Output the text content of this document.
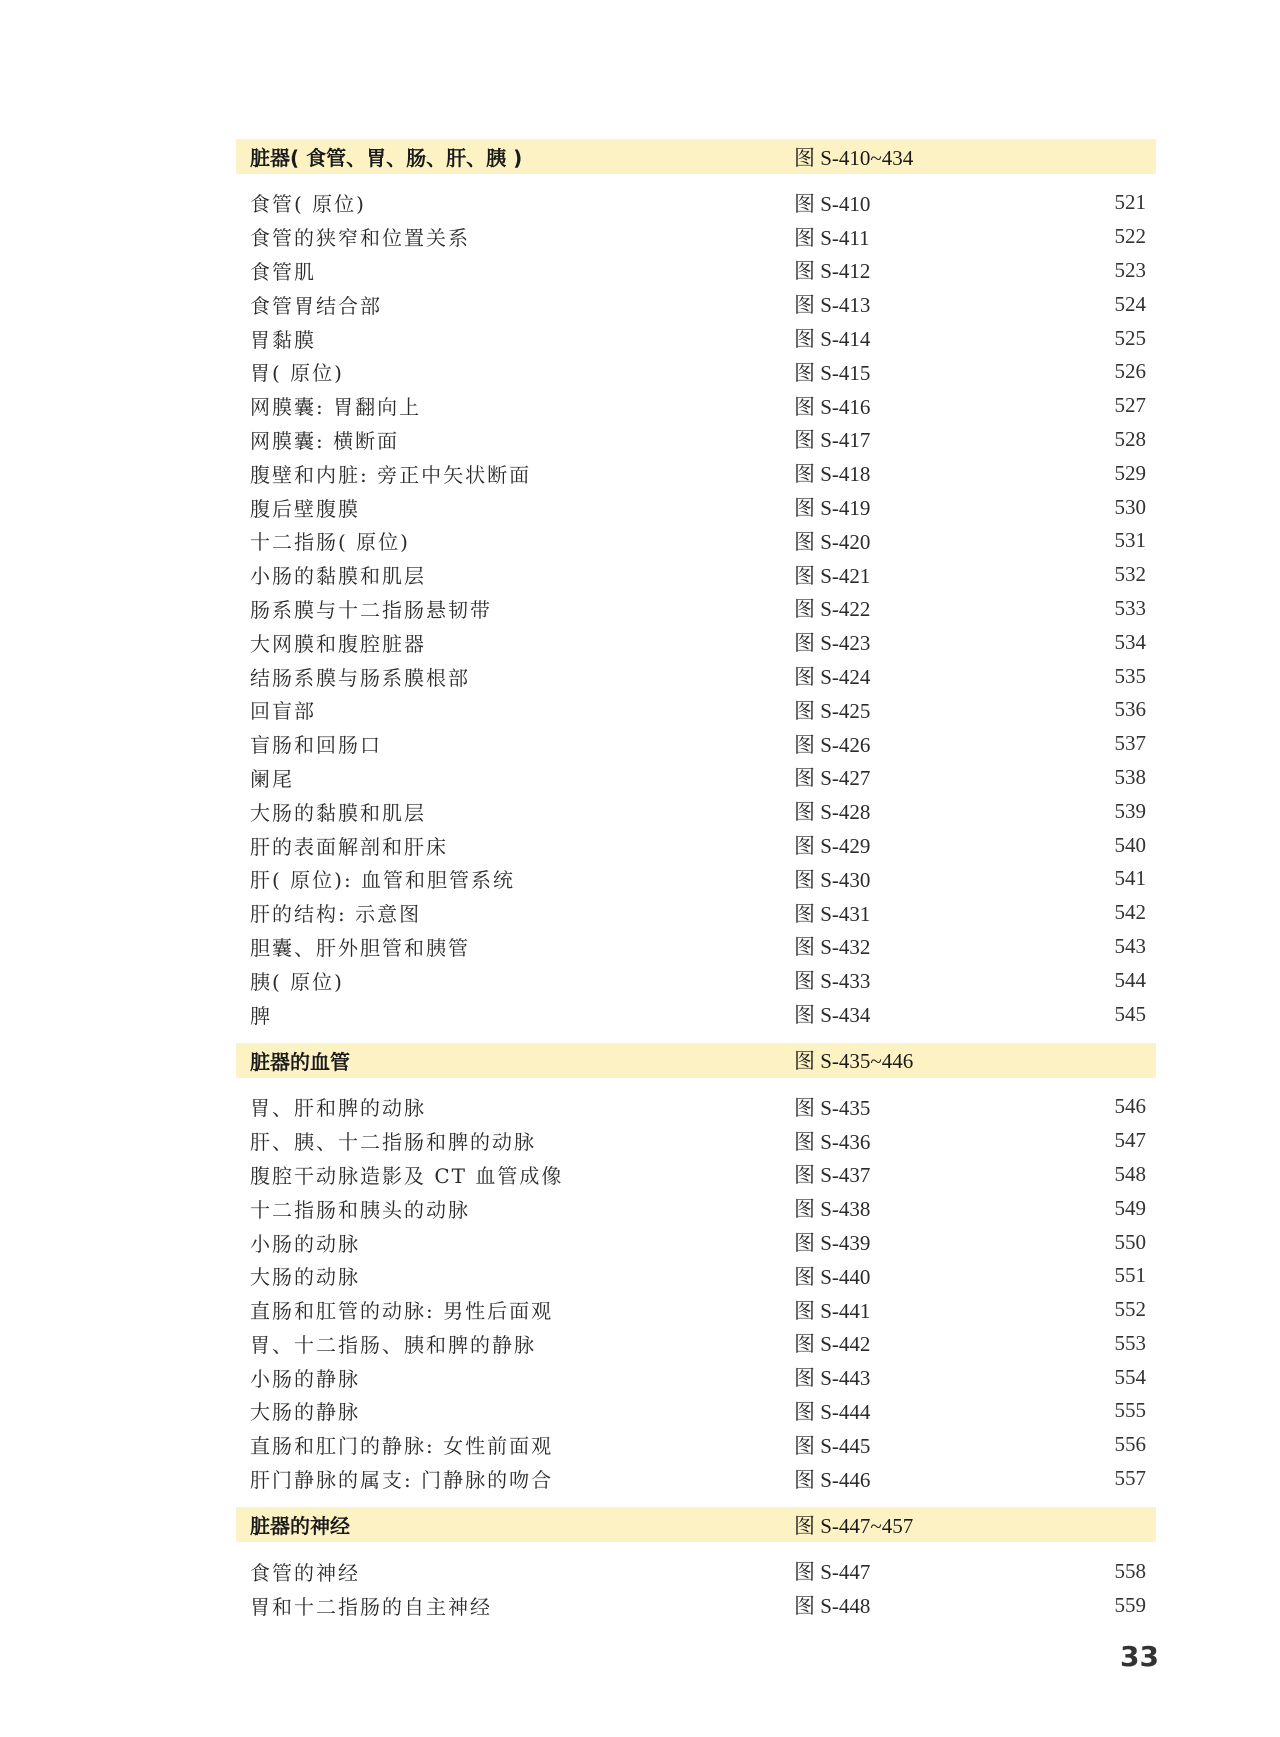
脏器( 食管、胃、肠、肝、胰 )	图 S-410~434
食管( 原位)	图 S-410	521
食管的狭窄和位置关系	图 S-411	522
食管肌	图 S-412	523
食管胃结合部	图 S-413	524
胃黏膜	图 S-414	525
胃( 原位)	图 S-415	526
网膜囊: 胃翻向上	图 S-416	527
网膜囊: 横断面	图 S-417	528
腹壁和内脏: 旁正中矢状断面	图 S-418	529
腹后壁腹膜	图 S-419	530
十二指肠( 原位)	图 S-420	531
小肠的黏膜和肌层	图 S-421	532
肠系膜与十二指肠悬韧带	图 S-422	533
大网膜和腹腔脏器	图 S-423	534
结肠系膜与肠系膜根部	图 S-424	535
回盲部	图 S-425	536
盲肠和回肠口	图 S-426	537
阑尾	图 S-427	538
大肠的黏膜和肌层	图 S-428	539
肝的表面解剖和肝床	图 S-429	540
肝( 原位): 血管和胆管系统	图 S-430	541
肝的结构: 示意图	图 S-431	542
胆囊、肝外胆管和胰管	图 S-432	543
胰( 原位)	图 S-433	544
脾	图 S-434	545
脏器的血管	图 S-435~446
胃、肝和脾的动脉	图 S-435	546
肝、胰、十二指肠和脾的动脉	图 S-436	547
腹腔干动脉造影及 CT 血管成像	图 S-437	548
十二指肠和胰头的动脉	图 S-438	549
小肠的动脉	图 S-439	550
大肠的动脉	图 S-440	551
直肠和肛管的动脉: 男性后面观	图 S-441	552
胃、十二指肠、胰和脾的静脉	图 S-442	553
小肠的静脉	图 S-443	554
大肠的静脉	图 S-444	555
直肠和肛门的静脉: 女性前面观	图 S-445	556
肝门静脉的属支: 门静脉的吻合	图 S-446	557
脏器的神经	图 S-447~457
食管的神经	图 S-447	558
胃和十二指肠的自主神经	图 S-448	559
33
